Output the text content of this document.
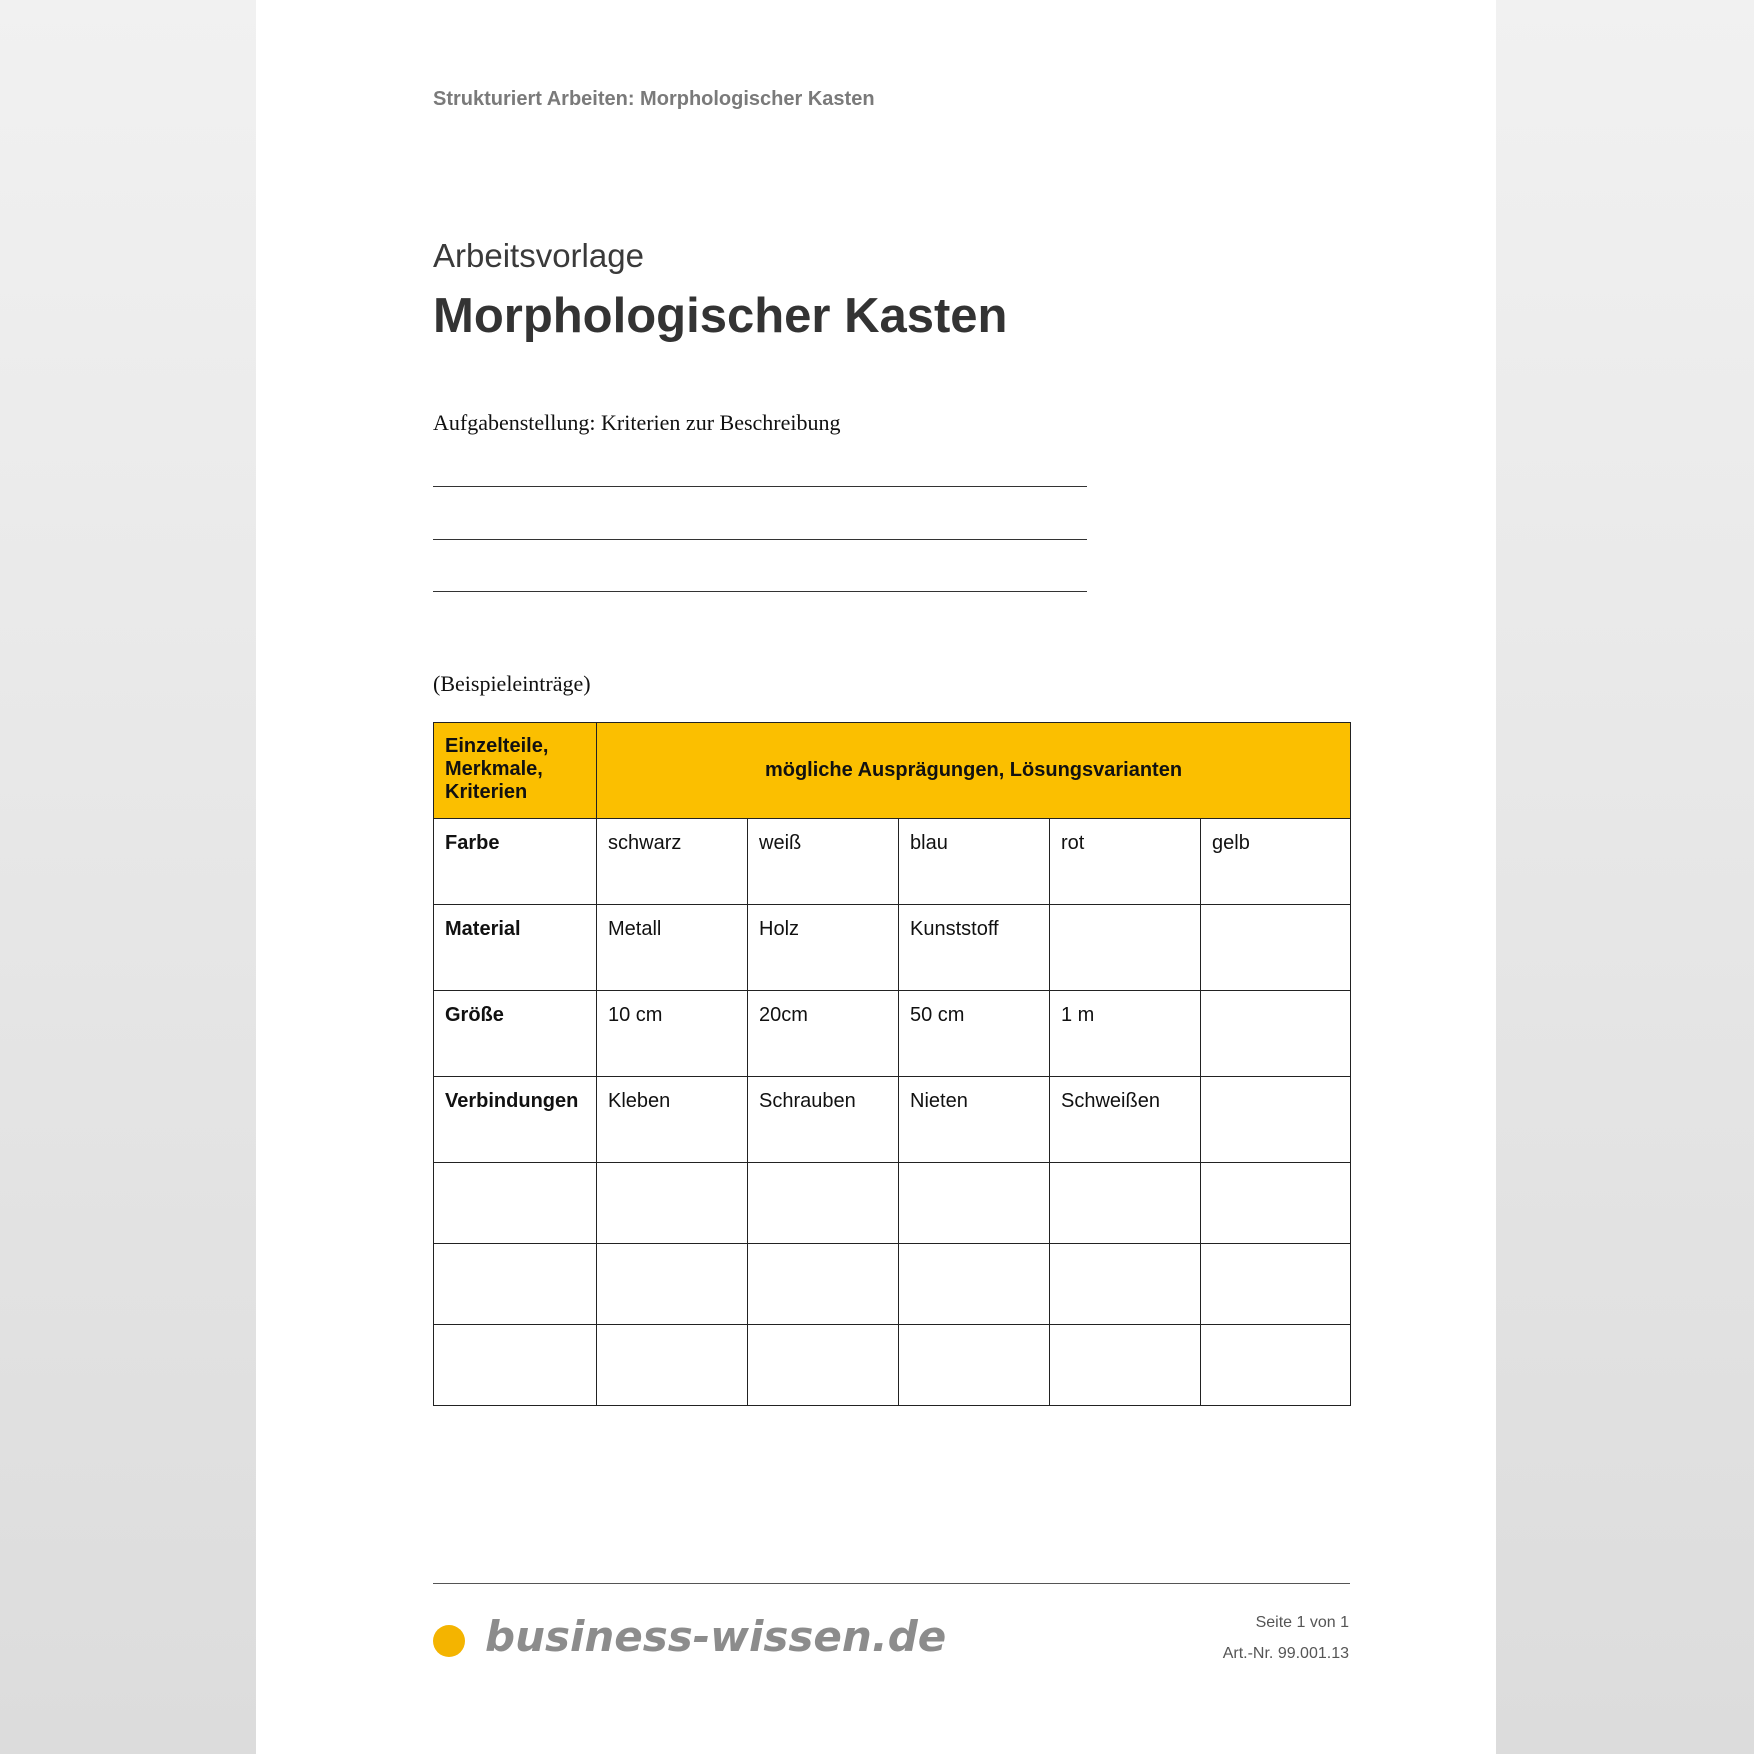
Strukturiert Arbeiten: Morphologischer Kasten
Arbeitsvorlage
Morphologischer Kasten
Aufgabenstellung: Kriterien zur Beschreibung
(Beispieleinträge)
Einzelteile, Merkmale, Kriterien	mögliche Ausprägungen, Lösungsvarianten				
Farbe	schwarz	weiß	blau	rot	gelb
Material	Metall	Holz	Kunststoff		
Größe	10 cm	20cm	50 cm	1 m	
Verbindungen	Kleben	Schrauben	Nieten	Schweißen	

business-wissen.de	Seite 1 von 1
Art.-Nr. 99.001.13
